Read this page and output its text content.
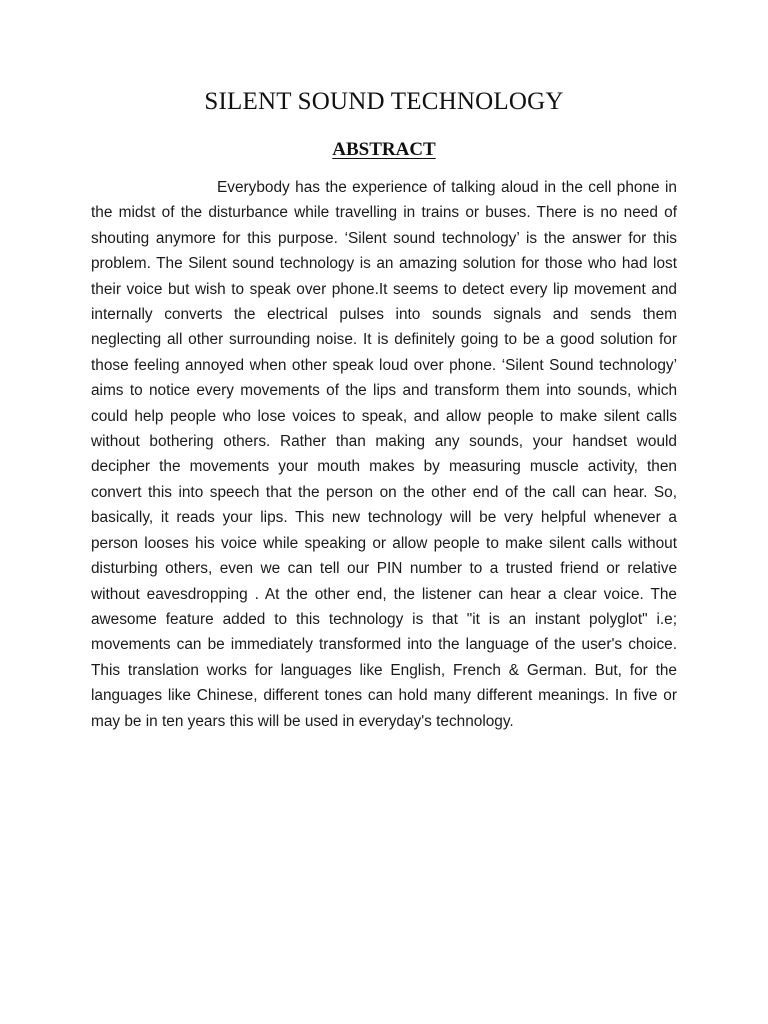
SILENT SOUND TECHNOLOGY
ABSTRACT

Everybody has the experience of talking aloud in the cell phone in the midst of the disturbance while travelling in trains or buses. There is no need of shouting anymore for this purpose. ‘Silent sound technology’ is the answer for this problem. The Silent sound technology is an amazing solution for those who had lost their voice but wish to speak over phone.It seems to detect every lip movement and internally converts the electrical pulses into sounds signals and sends them neglecting all other surrounding noise. It is definitely going to be a good solution for those feeling annoyed when other speak loud over phone. ‘Silent Sound technology’ aims to notice every movements of the lips and transform them into sounds, which could help people who lose voices to speak, and allow people to make silent calls without bothering others. Rather than making any sounds, your handset would decipher the movements your mouth makes by measuring muscle activity, then convert this into speech that the person on the other end of the call can hear. So, basically, it reads your lips. This new technology will be very helpful whenever a person looses his voice while speaking or allow people to make silent calls without disturbing others, even we can tell our PIN number to a trusted friend or relative without eavesdropping . At the other end, the listener can hear a clear voice. The awesome feature added to this technology is that "it is an instant polyglot" i.e; movements can be immediately transformed into the language of the user's choice. This translation works for languages like English, French & German. But, for the languages like Chinese, different tones can hold many different meanings. In five or may be in ten years this will be used in everyday's technology.
